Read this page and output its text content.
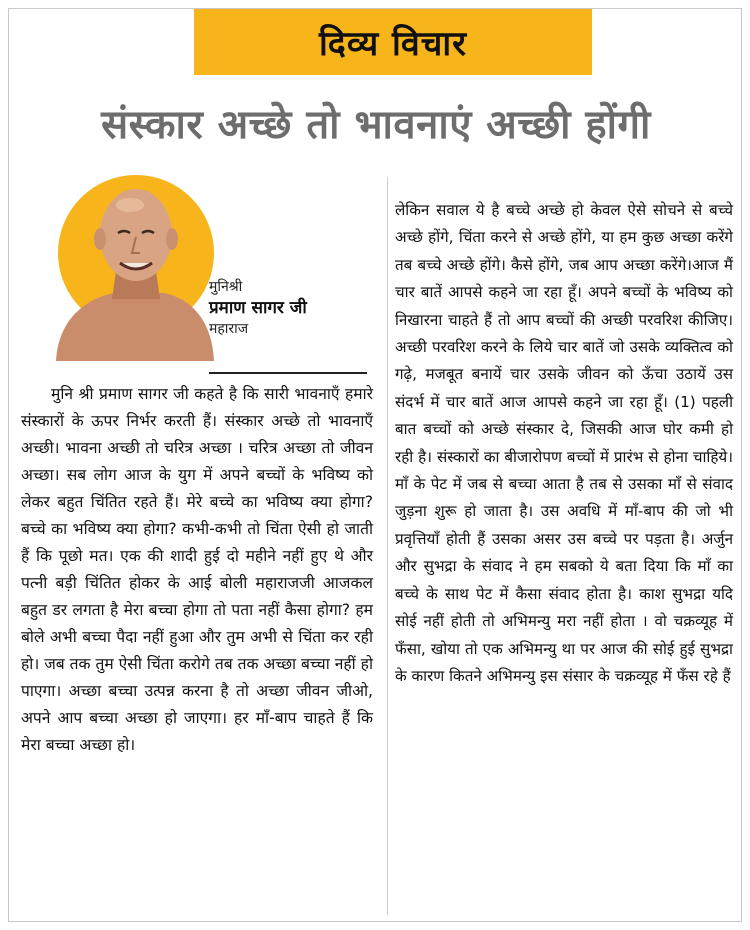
दिव्य विचार
संस्कार अच्छे तो भावनाएं अच्छी होंगी
मुनिश्री
प्रमाण सागर जी
महाराज
मुनि श्री प्रमाण सागर जी कहते है कि सारी भावनाएँ हमारे संस्कारों के ऊपर निर्भर करती हैं। संस्कार अच्छे तो भावनाएँ अच्छी। भावना अच्छी तो चरित्र अच्छा । चरित्र अच्छा तो जीवन अच्छा। सब लोग आज के युग में अपने बच्चों के भविष्य को लेकर बहुत चिंतित रहते हैं। मेरे बच्चे का भविष्य क्या होगा? बच्चे का भविष्य क्या होगा? कभी-कभी तो चिंता ऐसी हो जाती हैं कि पूछो मत। एक की शादी हुई दो महीने नहीं हुए थे और पत्नी बड़ी चिंतित होकर के आई बोली महाराजजी आजकल बहुत डर लगता है मेरा बच्चा होगा तो पता नहीं कैसा होगा? हम बोले अभी बच्चा पैदा नहीं हुआ और तुम अभी से चिंता कर रही हो। जब तक तुम ऐसी चिंता करोगे तब तक अच्छा बच्चा नहीं हो पाएगा। अच्छा बच्चा उत्पन्न करना है तो अच्छा जीवन जीओ, अपने आप बच्चा अच्छा हो जाएगा। हर माँ-बाप चाहते हैं कि मेरा बच्चा अच्छा हो।
लेकिन सवाल ये है बच्चे अच्छे हो केवल ऐसे सोचने से बच्चे अच्छे होंगे, चिंता करने से अच्छे होंगे, या हम कुछ अच्छा करेंगे तब बच्चे अच्छे होंगे। कैसे होंगे, जब आप अच्छा करेंगे।आज मैं चार बातें आपसे कहने जा रहा हूँ। अपने बच्चों के भविष्य को निखारना चाहते हैं तो आप बच्चों की अच्छी परवरिश कीजिए। अच्छी परवरिश करने के लिये चार बातें जो उसके व्यक्तित्व को गढ़े, मजबूत बनायें चार उसके जीवन को ऊँचा उठायें उस संदर्भ में चार बातें आज आपसे कहने जा रहा हूँ। (1) पहली बात बच्चों को अच्छे संस्कार दे, जिसकी आज घोर कमी हो रही है। संस्कारों का बीजारोपण बच्चों में प्रारंभ से होना चाहिये। माँ के पेट में जब से बच्चा आता है तब से उसका माँ से संवाद जुड़ना शुरू हो जाता है। उस अवधि में माँ-बाप की जो भी प्रवृत्तियाँ होती हैं उसका असर उस बच्चे पर पड़ता है। अर्जुन और सुभद्रा के संवाद ने हम सबको ये बता दिया कि माँ का बच्चे के साथ पेट में कैसा संवाद होता है। काश सुभद्रा यदि सोई नहीं होती तो अभिमन्यु मरा नहीं होता । वो चक्रव्यूह में फँसा, खोया तो एक अभिमन्यु था पर आज की सोई हुई सुभद्रा के कारण कितने अभिमन्यु इस संसार के चक्रव्यूह में फँस रहे हैं
